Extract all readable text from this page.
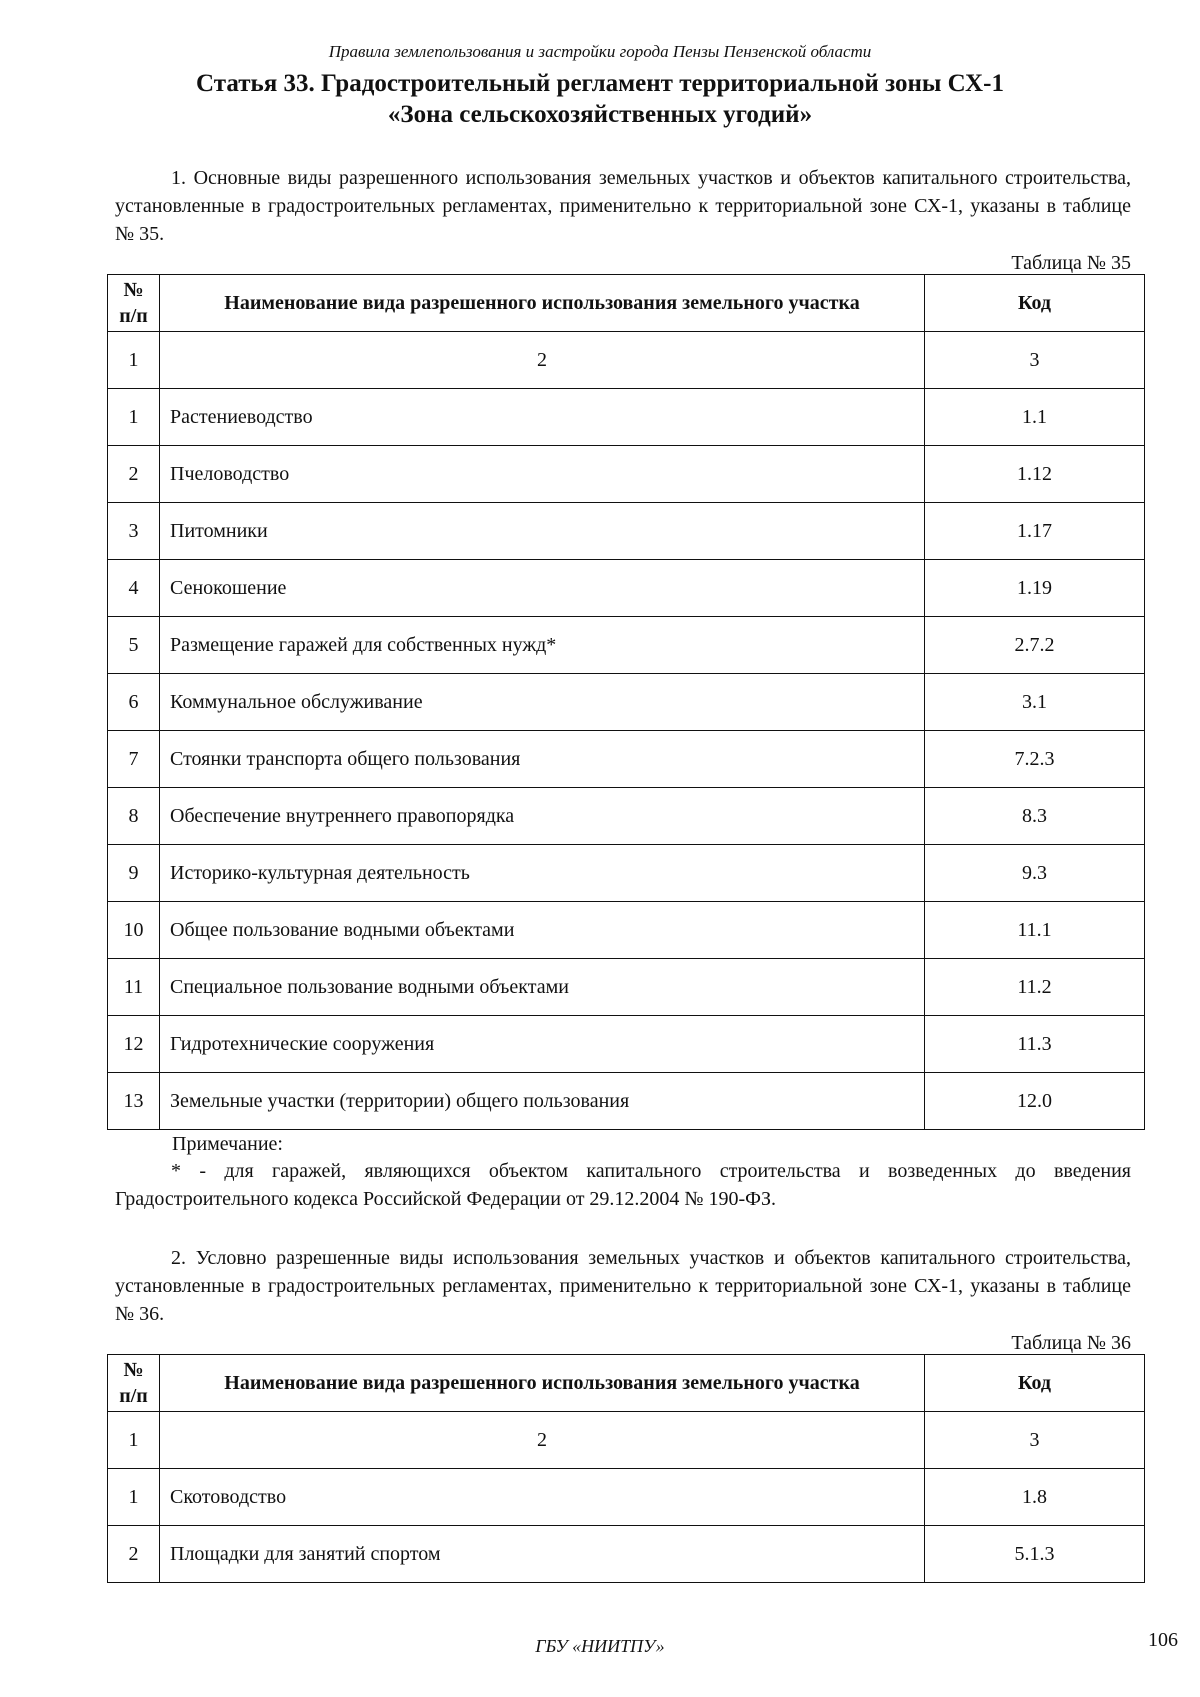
Правила землепользования и застройки города Пензы Пензенской области
Статья 33. Градостроительный регламент территориальной зоны СХ-1
«Зона сельскохозяйственных угодий»

1. Основные виды разрешенного использования земельных участков и объектов капитального строительства, установленные в градостроительных регламентах, применительно к территориальной зоне СХ-1, указаны в таблице № 35.

Таблица № 35
№ п/п	Наименование вида разрешенного использования земельного участка	Код
1	2	3
1	Растениеводство	1.1
2	Пчеловодство	1.12
3	Питомники	1.17
4	Сенокошение	1.19
5	Размещение гаражей для собственных нужд*	2.7.2
6	Коммунальное обслуживание	3.1
7	Стоянки транспорта общего пользования	7.2.3
8	Обеспечение внутреннего правопорядка	8.3
9	Историко-культурная деятельность	9.3
10	Общее пользование водными объектами	11.1
11	Специальное пользование водными объектами	11.2
12	Гидротехнические сооружения	11.3
13	Земельные участки (территории) общего пользования	12.0
Примечание:

* - для гаражей, являющихся объектом капитального строительства и возведенных до введения Градостроительного кодекса Российской Федерации от 29.12.2004 № 190-ФЗ.

2. Условно разрешенные виды использования земельных участков и объектов капитального строительства, установленные в градостроительных регламентах, применительно к территориальной зоне СХ-1, указаны в таблице № 36.

Таблица № 36
№ п/п	Наименование вида разрешенного использования земельного участка	Код
1	2	3
1	Скотоводство	1.8
2	Площадки для занятий спортом	5.1.3
ГБУ «НИИТПУ»	106
